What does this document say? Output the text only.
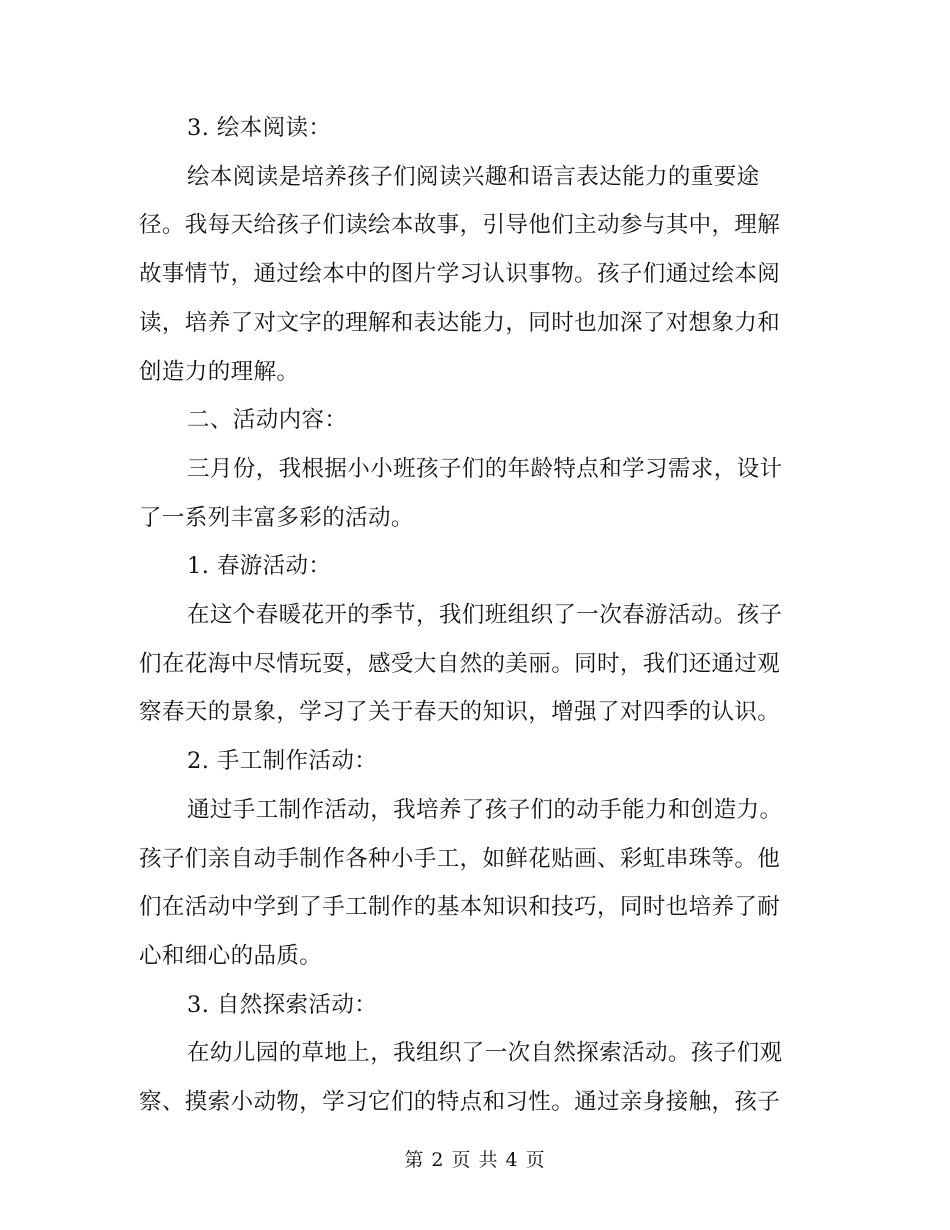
3. 绘本阅读：

绘本阅读是培养孩子们阅读兴趣和语言表达能力的重要途

径。我每天给孩子们读绘本故事，引导他们主动参与其中，理解

故事情节，通过绘本中的图片学习认识事物。孩子们通过绘本阅

读，培养了对文字的理解和表达能力，同时也加深了对想象力和

创造力的理解。

二、活动内容：

三月份，我根据小小班孩子们的年龄特点和学习需求，设计

了一系列丰富多彩的活动。

1. 春游活动：

在这个春暖花开的季节，我们班组织了一次春游活动。孩子

们在花海中尽情玩耍，感受大自然的美丽。同时，我们还通过观

察春天的景象，学习了关于春天的知识，增强了对四季的认识。

2. 手工制作活动：

通过手工制作活动，我培养了孩子们的动手能力和创造力。

孩子们亲自动手制作各种小手工，如鲜花贴画、彩虹串珠等。他

们在活动中学到了手工制作的基本知识和技巧，同时也培养了耐

心和细心的品质。

3. 自然探索活动：

在幼儿园的草地上，我组织了一次自然探索活动。孩子们观

察、摸索小动物，学习它们的特点和习性。通过亲身接触，孩子

第 2 页 共 4 页
